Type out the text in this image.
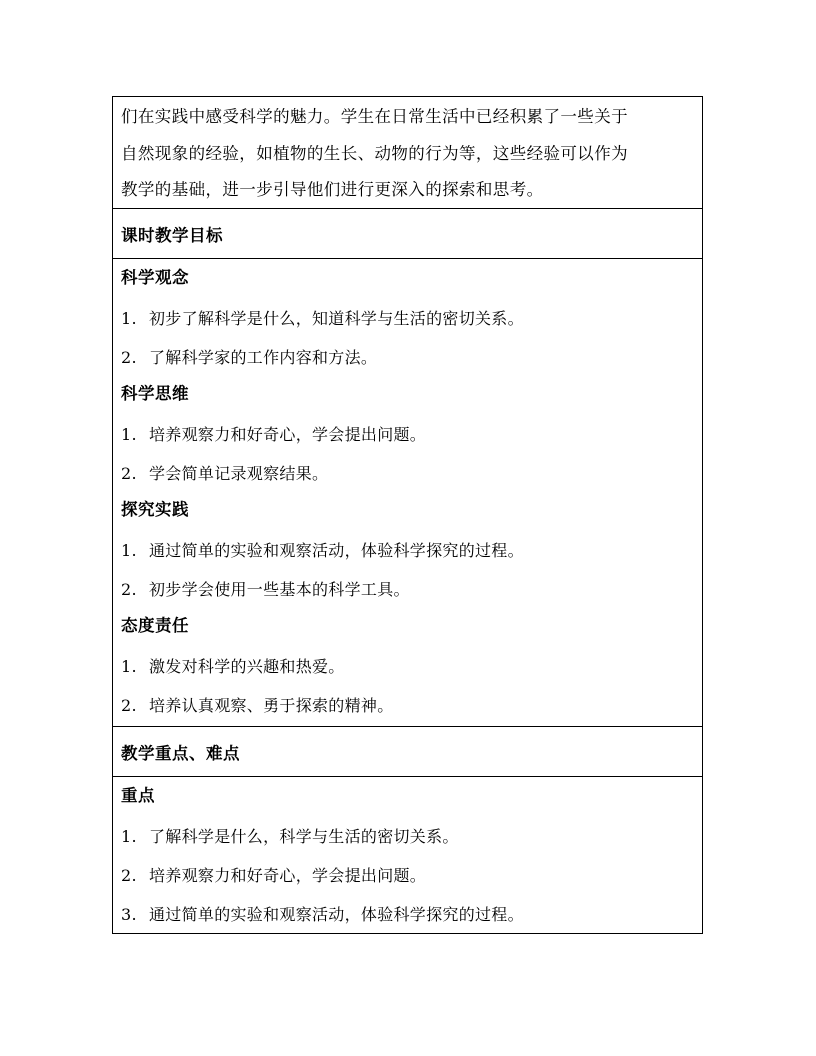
们在实践中感受科学的魅力。学生在日常生活中已经积累了一些关于
自然现象的经验，如植物的生长、动物的行为等，这些经验可以作为
教学的基础，进一步引导他们进行更深入的探索和思考。
课时教学目标
科学观念
1. 初步了解科学是什么，知道科学与生活的密切关系。
2. 了解科学家的工作内容和方法。
科学思维
1. 培养观察力和好奇心，学会提出问题。
2. 学会简单记录观察结果。
探究实践
1. 通过简单的实验和观察活动，体验科学探究的过程。
2. 初步学会使用一些基本的科学工具。
态度责任
1. 激发对科学的兴趣和热爱。
2. 培养认真观察、勇于探索的精神。
教学重点、难点
重点
1. 了解科学是什么，科学与生活的密切关系。
2. 培养观察力和好奇心，学会提出问题。
3. 通过简单的实验和观察活动，体验科学探究的过程。
